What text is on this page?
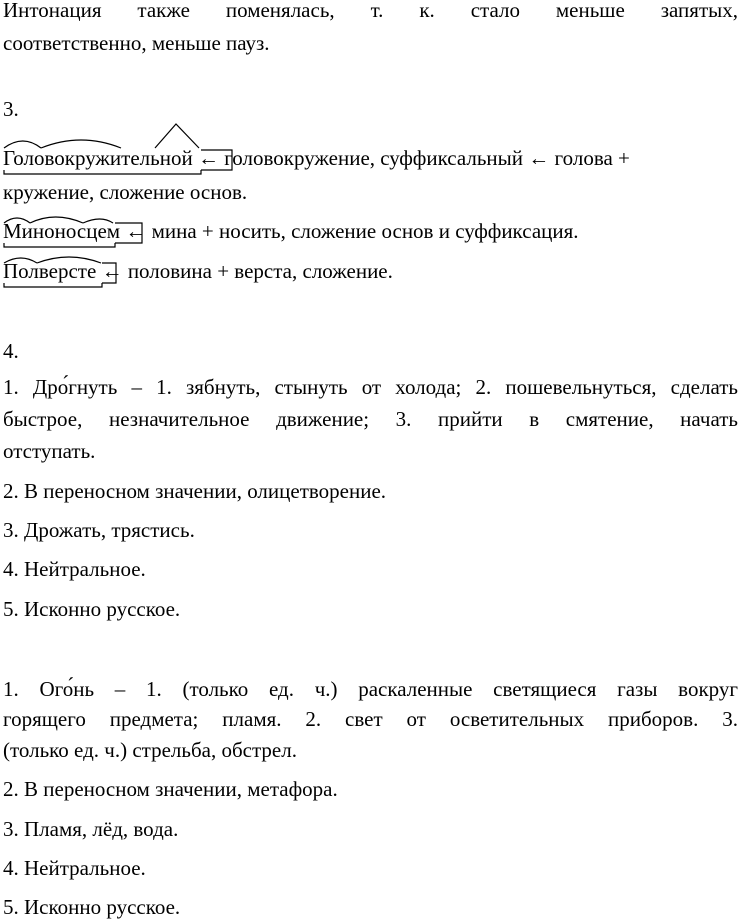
Интонация также поменялась, т. к. стало меньше запятых,
соответственно, меньше пауз.
3.
Головокружительной ← головокружение, суффиксальный ← голова +
кружение, сложение основ.
Миноносцем ← мина + носить, сложение основ и суффиксация.
Полверсте ← половина + верста, сложение.
4.
1. Дро́гнуть – 1. зябнуть, стынуть от холода; 2. пошевельнуться, сделать
быстрое, незначительное движение; 3. прийти в смятение, начать
отступать.
2. В переносном значении, олицетворение.
3. Дрожать, трястись.
4. Нейтральное.
5. Исконно русское.
1. Ого́нь – 1. (только ед. ч.) раскаленные светящиеся газы вокруг
горящего предмета; пламя. 2. свет от осветительных приборов. 3.
(только ед. ч.) стрельба, обстрел.
2. В переносном значении, метафора.
3. Пламя, лёд, вода.
4. Нейтральное.
5. Исконно русское.
